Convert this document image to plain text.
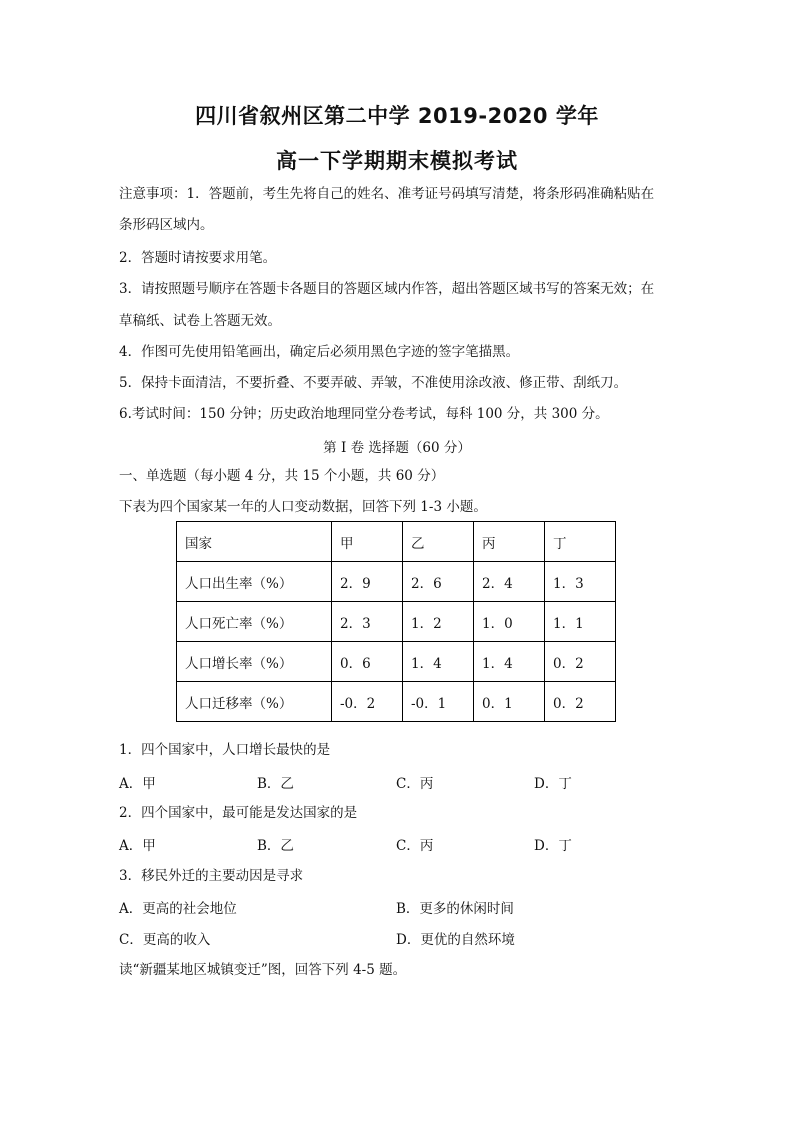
四川省叙州区第二中学 2019-2020 学年
高一下学期期末模拟考试
注意事项：1．答题前，考生先将自己的姓名、准考证号码填写清楚，将条形码准确粘贴在
条形码区域内。
2．答题时请按要求用笔。
3．请按照题号顺序在答题卡各题目的答题区域内作答，超出答题区域书写的答案无效；在
草稿纸、试卷上答题无效。
4．作图可先使用铅笔画出，确定后必须用黑色字迹的签字笔描黑。
5．保持卡面清洁，不要折叠、不要弄破、弄皱，不准使用涂改液、修正带、刮纸刀。
6.考试时间：150 分钟；历史政治地理同堂分卷考试，每科 100 分，共 300 分。
第 I 卷 选择题（60 分）
一、单选题（每小题 4 分，共 15 个小题，共 60 分）
下表为四个国家某一年的人口变动数据，回答下列 1-3 小题。
国家	甲	乙	丙	丁
人口出生率（%）	2．9	2．6	2．4	1．3
人口死亡率（%）	2．3	1．2	1．0	1．1
人口增长率（%）	0．6	1．4	1．4	0．2
人口迁移率（%）	-0．2	-0．1	0．1	0．2
1．四个国家中，人口增长最快的是
A．甲	B．乙	C．丙	D．丁
2．四个国家中，最可能是发达国家的是
A．甲	B．乙	C．丙	D．丁
3．移民外迁的主要动因是寻求
A．更高的社会地位	B．更多的休闲时间
C．更高的收入	D．更优的自然环境
读“新疆某地区城镇变迁”图，回答下列 4-5 题。
